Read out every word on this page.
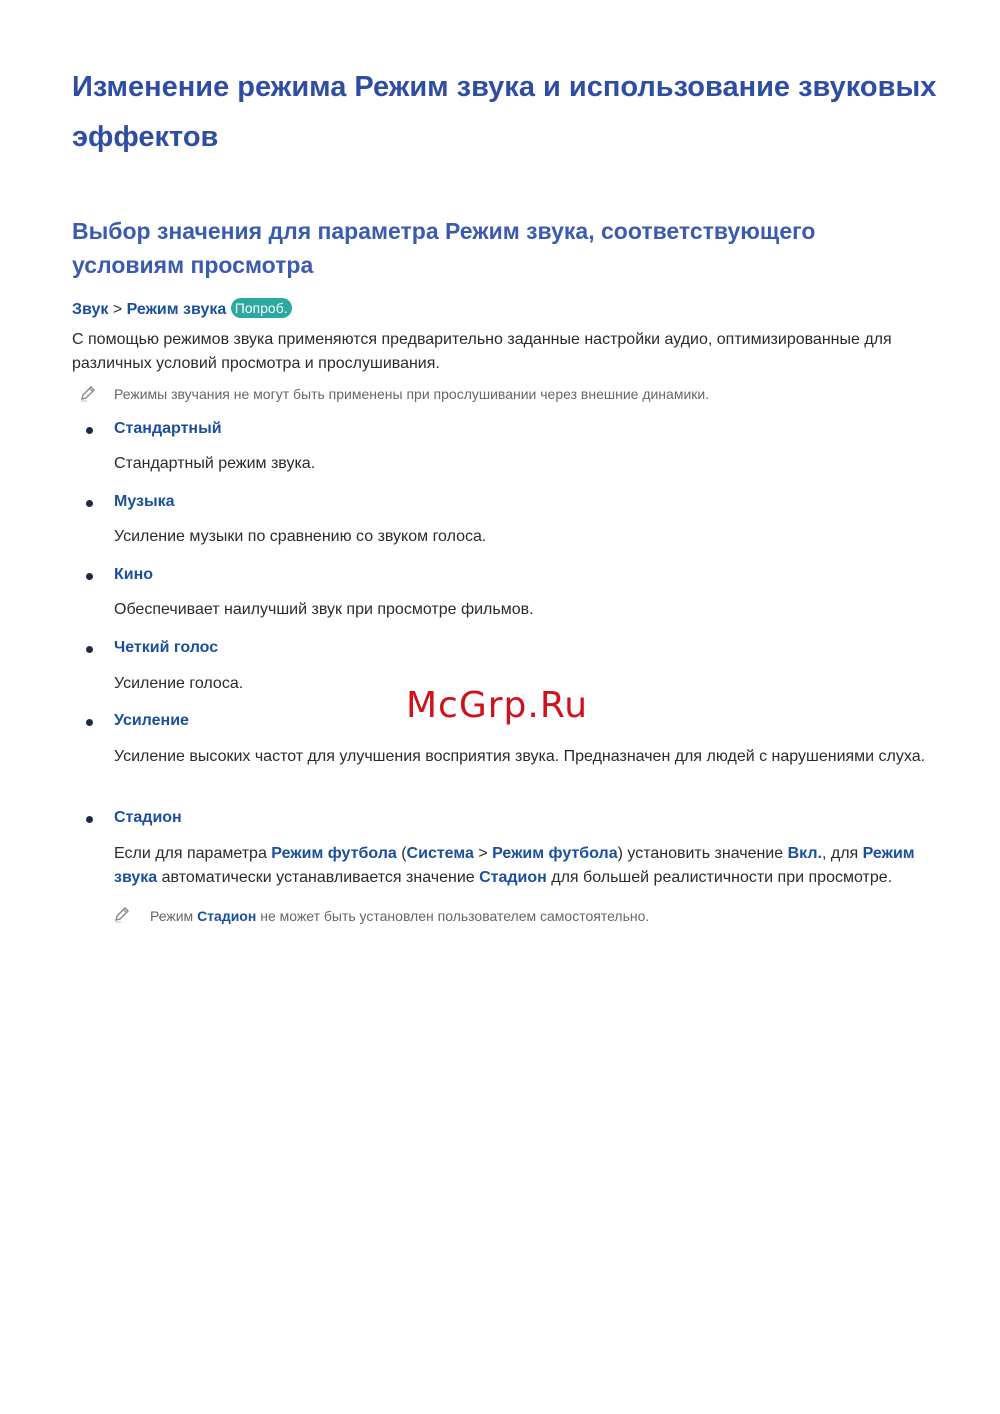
Изменение режима Режим звука и использование звуковых эффектов
Выбор значения для параметра Режим звука, соответствующего условиям просмотра
Звук > Режим звука Попроб.

С помощью режимов звука применяются предварительно заданные настройки аудио, оптимизированные для различных условий просмотра и прослушивания.

Режимы звучания не могут быть применены при прослушивании через внешние динамики.
Стандартный

Стандартный режим звука.

Музыка

Усиление музыки по сравнению со звуком голоса.

Кино

Обеспечивает наилучший звук при просмотре фильмов.

Четкий голос

Усиление голоса.

Усиление

Усиление высоких частот для улучшения восприятия звука. Предназначен для людей с нарушениями слуха.

Стадион

Если для параметра Режим футбола (Система > Режим футбола) установить значение Вкл., для Режим звука автоматически устанавливается значение Стадион для большей реалистичности при просмотре.

Режим Стадион не может быть установлен пользователем самостоятельно.
McGrp.Ru
